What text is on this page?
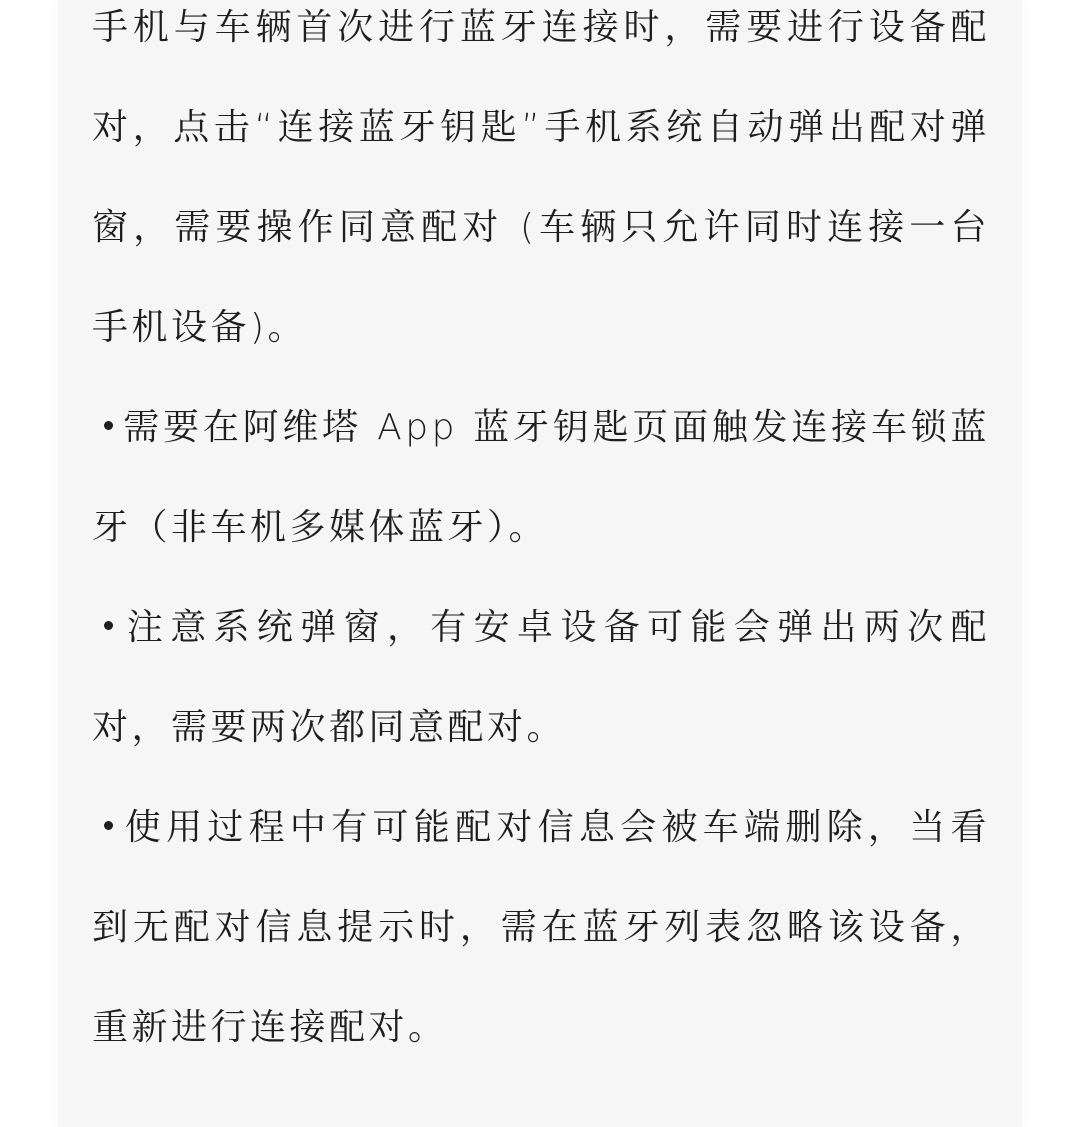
手机与车辆首次进行蓝牙连接时，需要进行设备配对，点击“连接蓝牙钥匙”手机系统自动弹出配对弹窗，需要操作同意配对 (车辆只允许同时连接一台手机设备)。

需要在阿维塔 App 蓝牙钥匙页面触发连接车锁蓝牙（非车机多媒体蓝牙）。

注意系统弹窗，有安卓设备可能会弹出两次配对，需要两次都同意配对。

使用过程中有可能配对信息会被车端删除，当看到无配对信息提示时，需在蓝牙列表忽略该设备，重新进行连接配对。
